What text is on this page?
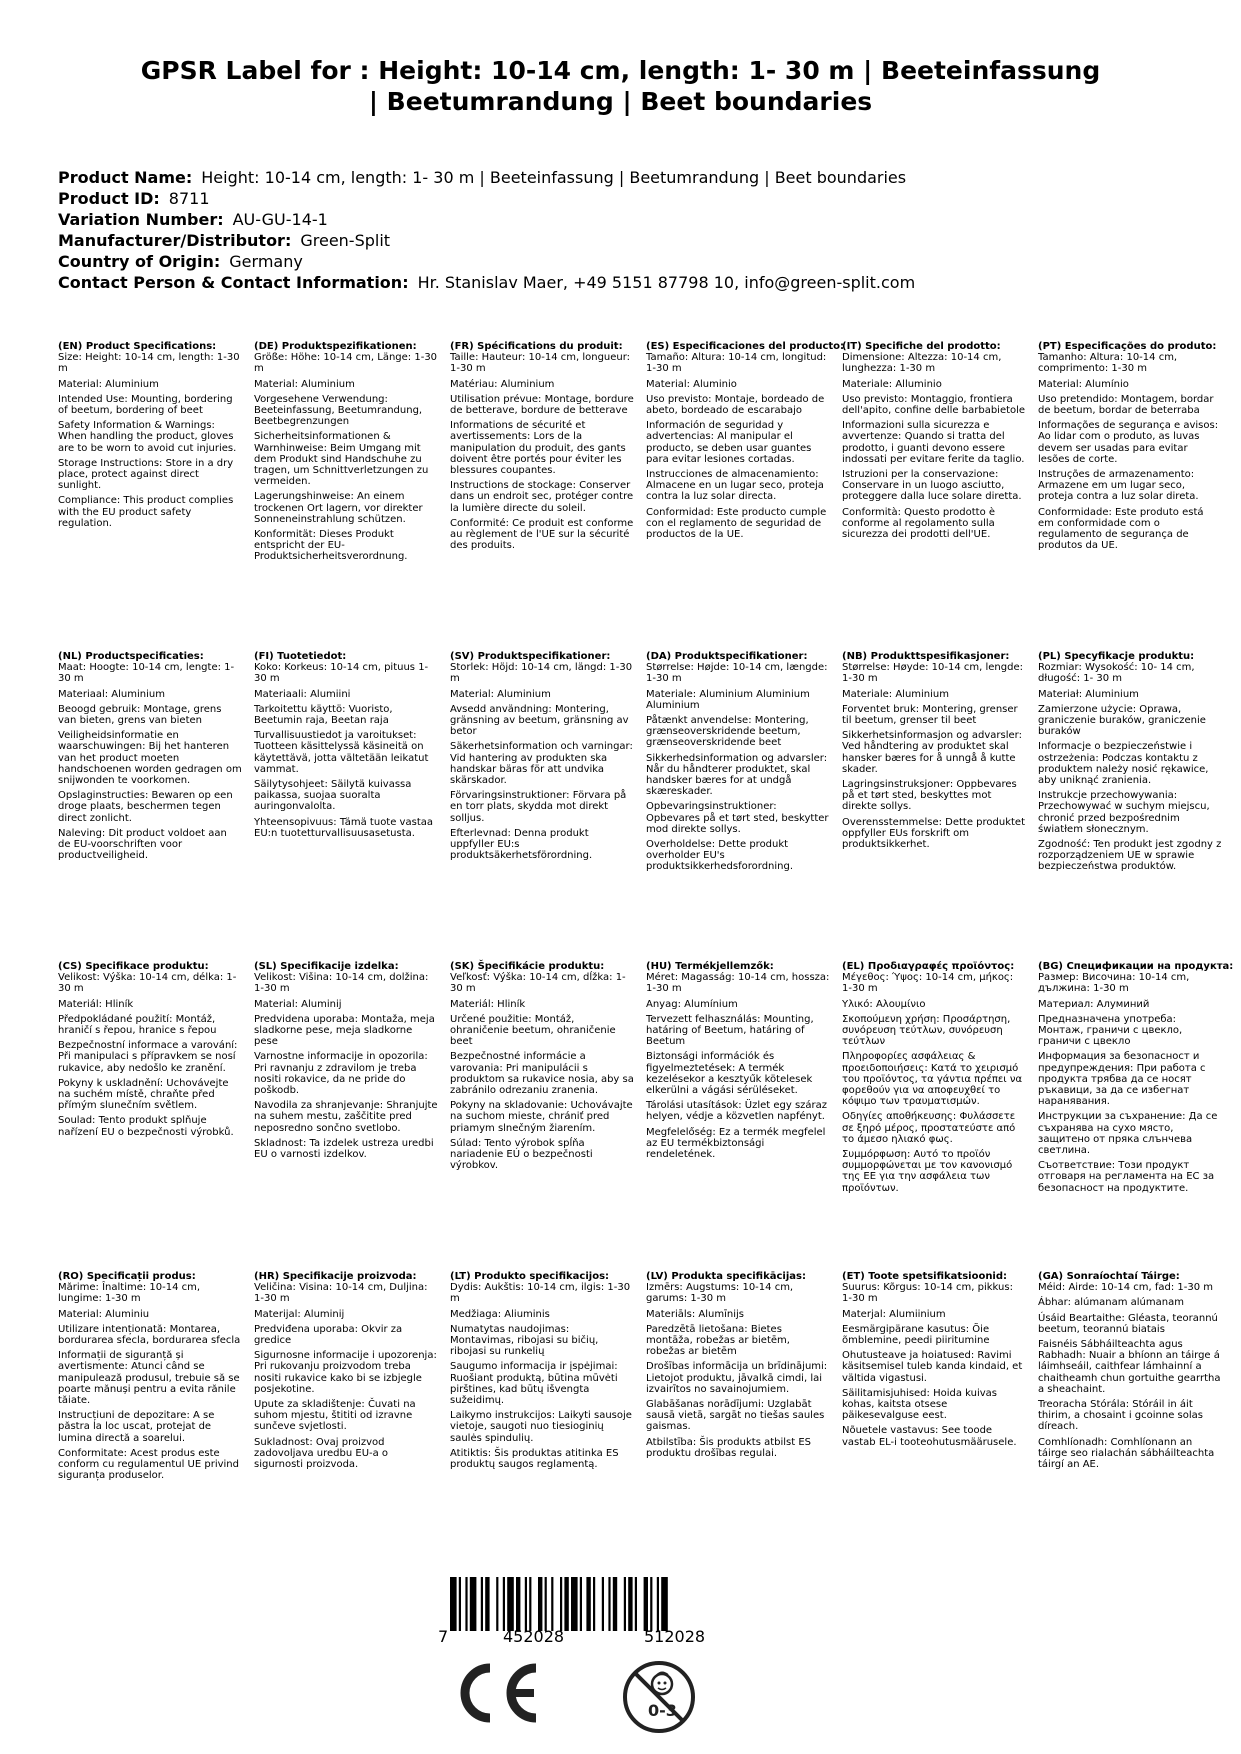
GPSR Label for : Height: 10-14 cm, length: 1- 30 m | Beeteinfassung
| Beetumrandung | Beet boundaries
Product Name: Height: 10-14 cm, length: 1- 30 m | Beeteinfassung | Beetumrandung | Beet boundaries
Product ID: 8711
Variation Number: AU-GU-14-1
Manufacturer/Distributor: Green-Split
Country of Origin: Germany
Contact Person & Contact Information: Hr. Stanislav Maer, +49 5151 87798 10, info@green-split.com
(EN) Product Specifications:
Size: Height: 10-14 cm, length: 1-30 m
Material: Aluminium
Intended Use: Mounting, bordering of beetum, bordering of beet
Safety Information & Warnings: When handling the product, gloves are to be worn to avoid cut injuries.
Storage Instructions: Store in a dry place, protect against direct sunlight.
Compliance: This product complies with the EU product safety regulation.
(DE) Produktspezifikationen:
Größe: Höhe: 10-14 cm, Länge: 1-30 m
Material: Aluminium
Vorgesehene Verwendung: Beeteinfassung, Beetumrandung, Beetbegrenzungen
Sicherheitsinformationen & Warnhinweise: Beim Umgang mit dem Produkt sind Handschuhe zu tragen, um Schnittverletzungen zu vermeiden.
Lagerungshinweise: An einem trockenen Ort lagern, vor direkter Sonneneinstrahlung schützen.
Konformität: Dieses Produkt entspricht der EU-Produktsicherheitsverordnung.
(FR) Spécifications du produit:
Taille: Hauteur: 10-14 cm, longueur: 1-30 m
Matériau: Aluminium
Utilisation prévue: Montage, bordure de betterave, bordure de betterave
Informations de sécurité et avertissements: Lors de la manipulation du produit, des gants doivent être portés pour éviter les blessures coupantes.
Instructions de stockage: Conserver dans un endroit sec, protéger contre la lumière directe du soleil.
Conformité: Ce produit est conforme au règlement de l'UE sur la sécurité des produits.
(ES) Especificaciones del producto:
Tamaño: Altura: 10-14 cm, longitud: 1-30 m
Material: Aluminio
Uso previsto: Montaje, bordeado de abeto, bordeado de escarabajo
Información de seguridad y advertencias: Al manipular el producto, se deben usar guantes para evitar lesiones cortadas.
Instrucciones de almacenamiento: Almacene en un lugar seco, proteja contra la luz solar directa.
Conformidad: Este producto cumple con el reglamento de seguridad de productos de la UE.
(IT) Specifiche del prodotto:
Dimensione: Altezza: 10-14 cm, lunghezza: 1-30 m
Materiale: Alluminio
Uso previsto: Montaggio, frontiera dell'apito, confine delle barbabietole
Informazioni sulla sicurezza e avvertenze: Quando si tratta del prodotto, i guanti devono essere indossati per evitare ferite da taglio.
Istruzioni per la conservazione: Conservare in un luogo asciutto, proteggere dalla luce solare diretta.
Conformità: Questo prodotto è conforme al regolamento sulla sicurezza dei prodotti dell'UE.
(PT) Especificações do produto:
Tamanho: Altura: 10-14 cm, comprimento: 1-30 m
Material: Alumínio
Uso pretendido: Montagem, bordar de beetum, bordar de beterraba
Informações de segurança e avisos: Ao lidar com o produto, as luvas devem ser usadas para evitar lesões de corte.
Instruções de armazenamento: Armazene em um lugar seco, proteja contra a luz solar direta.
Conformidade: Este produto está em conformidade com o regulamento de segurança de produtos da UE.
(NL) Productspecificaties:
Maat: Hoogte: 10-14 cm, lengte: 1-30 m
Materiaal: Aluminium
Beoogd gebruik: Montage, grens van bieten, grens van bieten
Veiligheidsinformatie en waarschuwingen: Bij het hanteren van het product moeten handschoenen worden gedragen om snijwonden te voorkomen.
Opslaginstructies: Bewaren op een droge plaats, beschermen tegen direct zonlicht.
Naleving: Dit product voldoet aan de EU-voorschriften voor productveiligheid.
(FI) Tuotetiedot:
Koko: Korkeus: 10-14 cm, pituus 1-30 m
Materiaali: Alumiini
Tarkoitettu käyttö: Vuoristo, Beetumin raja, Beetan raja
Turvallisuustiedot ja varoitukset: Tuotteen käsittelyssä käsineitä on käytettävä, jotta vältetään leikatut vammat.
Säilytysohjeet: Säilytä kuivassa paikassa, suojaa suoralta auringonvalolta.
Yhteensopivuus: Tämä tuote vastaa EU:n tuotetturvallisuusasetusta.
(SV) Produktspecifikationer:
Storlek: Höjd: 10-14 cm, längd: 1-30 m
Material: Aluminium
Avsedd användning: Montering, gränsning av beetum, gränsning av betor
Säkerhetsinformation och varningar: Vid hantering av produkten ska handskar bäras för att undvika skärskador.
Förvaringsinstruktioner: Förvara på en torr plats, skydda mot direkt solljus.
Efterlevnad: Denna produkt uppfyller EU:s produktsäkerhetsförordning.
(DA) Produktspecifikationer:
Størrelse: Højde: 10-14 cm, længde: 1-30 m
Materiale: Aluminium Aluminium Aluminium
Påtænkt anvendelse: Montering, grænseoverskridende beetum, grænseoverskridende beet
Sikkerhedsinformation og advarsler: Når du håndterer produktet, skal handsker bæres for at undgå skæreskader.
Opbevaringsinstruktioner: Opbevares på et tørt sted, beskytter mod direkte sollys.
Overholdelse: Dette produkt overholder EU's produktsikkerhedsforordning.
(NB) Produkttspesifikasjoner:
Størrelse: Høyde: 10-14 cm, lengde: 1-30 m
Materiale: Aluminium
Forventet bruk: Montering, grenser til beetum, grenser til beet
Sikkerhetsinformasjon og advarsler: Ved håndtering av produktet skal hansker bæres for å unngå å kutte skader.
Lagringsinstruksjoner: Oppbevares på et tørt sted, beskyttes mot direkte sollys.
Overensstemmelse: Dette produktet oppfyller EUs forskrift om produktsikkerhet.
(PL) Specyfikacje produktu:
Rozmiar: Wysokość: 10- 14 cm, długość: 1- 30 m
Materiał: Aluminium
Zamierzone użycie: Oprawa, graniczenie buraków, graniczenie buraków
Informacje o bezpieczeństwie i ostrzeżenia: Podczas kontaktu z produktem należy nosić rękawice, aby uniknąć zranienia.
Instrukcje przechowywania: Przechowywać w suchym miejscu, chronić przed bezpośrednim światłem słonecznym.
Zgodność: Ten produkt jest zgodny z rozporządzeniem UE w sprawie bezpieczeństwa produktów.
(CS) Specifikace produktu:
Velikost: Výška: 10-14 cm, délka: 1-30 m
Materiál: Hliník
Předpokládané použití: Montáž, hraničí s řepou, hranice s řepou
Bezpečnostní informace a varování: Při manipulaci s přípravkem se nosí rukavice, aby nedošlo ke zranění.
Pokyny k uskladnění: Uchovávejte na suchém místě, chraňte před přímým slunečním světlem.
Soulad: Tento produkt splňuje nařízení EU o bezpečnosti výrobků.
(SL) Specifikacije izdelka:
Velikost: Višina: 10-14 cm, dolžina: 1-30 m
Material: Aluminij
Predvidena uporaba: Montaža, meja sladkorne pese, meja sladkorne pese
Varnostne informacije in opozorila: Pri ravnanju z zdravilom je treba nositi rokavice, da ne pride do poškodb.
Navodila za shranjevanje: Shranjujte na suhem mestu, zaščitite pred neposredno sončno svetlobo.
Skladnost: Ta izdelek ustreza uredbi EU o varnosti izdelkov.
(SK) Špecifikácie produktu:
Veľkosť: Výška: 10-14 cm, dĺžka: 1-30 m
Materiál: Hliník
Určené použitie: Montáž, ohraničenie beetum, ohraničenie beet
Bezpečnostné informácie a varovania: Pri manipulácii s produktom sa rukavice nosia, aby sa zabránilo odrezaniu zranenia.
Pokyny na skladovanie: Uchovávajte na suchom mieste, chrániť pred priamym slnečným žiarením.
Súlad: Tento výrobok spĺňa nariadenie EÚ o bezpečnosti výrobkov.
(HU) Termékjellemzők:
Méret: Magasság: 10-14 cm, hossza: 1-30 m
Anyag: Alumínium
Tervezett felhasználás: Mounting, határing of Beetum, határing of Beetum
Biztonsági információk és figyelmeztetések: A termék kezelésekor a kesztyűk kötelesek elkerülni a vágási sérüléseket.
Tárolási utasítások: Üzlet egy száraz helyen, védje a közvetlen napfényt.
Megfelelőség: Ez a termék megfelel az EU termékbiztonsági rendeletének.
(EL) Προδιαγραφές προϊόντος:
Μέγεθος: Ύψος: 10-14 cm, μήκος: 1-30 m
Υλικό: Αλουμίνιο
Σκοπούμενη χρήση: Προσάρτηση, συνόρευση τεύτλων, συνόρευση τεύτλων
Πληροφορίες ασφάλειας & προειδοποιήσεις: Κατά το χειρισμό του προϊόντος, τα γάντια πρέπει να φορεθούν για να αποφευχθεί το κόψιμο των τραυματισμών.
Οδηγίες αποθήκευσης: Φυλάσσετε σε ξηρό μέρος, προστατεύστε από το άμεσο ηλιακό φως.
Συμμόρφωση: Αυτό το προϊόν συμμορφώνεται με τον κανονισμό της ΕΕ για την ασφάλεια των προϊόντων.
(BG) Спецификации на продукта:
Размер: Височина: 10-14 cm, дължина: 1-30 m
Материал: Алуминий
Предназначена употреба: Монтаж, граничи с цвекло, граничи с цвекло
Информация за безопасност и предупреждения: При работа с продукта трябва да се носят ръкавици, за да се избегнат наранявания.
Инструкции за съхранение: Да се съхранява на сухо място, защитено от пряка слънчева светлина.
Съответствие: Този продукт отговаря на регламента на ЕС за безопасност на продуктите.
(RO) Specificații produs:
Mărime: Înaltime: 10-14 cm, lungime: 1-30 m
Material: Aluminiu
Utilizare intenționată: Montarea, bordurarea sfecla, bordurarea sfecla
Informații de siguranță și avertismente: Atunci când se manipulează produsul, trebuie să se poarte mănuși pentru a evita rănile tăiate.
Instrucțiuni de depozitare: A se păstra la loc uscat, protejat de lumina directă a soarelui.
Conformitate: Acest produs este conform cu regulamentul UE privind siguranța produselor.
(HR) Specifikacije proizvoda:
Veličina: Visina: 10-14 cm, Duljina: 1-30 m
Materijal: Aluminij
Predviđena uporaba: Okvir za gredice
Sigurnosne informacije i upozorenja: Pri rukovanju proizvodom treba nositi rukavice kako bi se izbjegle posjekotine.
Upute za skladištenje: Čuvati na suhom mjestu, štititi od izravne sunčeve svjetlosti.
Sukladnost: Ovaj proizvod zadovoljava uredbu EU-a o sigurnosti proizvoda.
(LT) Produkto specifikacijos:
Dydis: Aukštis: 10-14 cm, ilgis: 1-30 m
Medžiaga: Aliuminis
Numatytas naudojimas: Montavimas, ribojasi su bičių, ribojasi su runkelių
Saugumo informacija ir įspėjimai: Ruošiant produktą, būtina mūvėti pirštines, kad būtų išvengta sužeidimų.
Laikymo instrukcijos: Laikyti sausoje vietoje, saugoti nuo tiesioginių saulės spindulių.
Atitiktis: Šis produktas atitinka ES produktų saugos reglamentą.
(LV) Produkta specifikācijas:
Izmērs: Augstums: 10-14 cm, garums: 1-30 m
Materiāls: Alumīnijs
Paredzētā lietošana: Bietes montāža, robežas ar bietēm, robežas ar bietēm
Drošības informācija un brīdinājumi: Lietojot produktu, jāvalkā cimdi, lai izvairītos no savainojumiem.
Glabāšanas norādījumi: Uzglabāt sausā vietā, sargāt no tiešas saules gaismas.
Atbilstība: Šis produkts atbilst ES produktu drošības regulai.
(ET) Toote spetsifikatsioonid:
Suurus: Kõrgus: 10-14 cm, pikkus: 1-30 m
Materjal: Alumiinium
Eesmärgipärane kasutus: Õie õmblemine, peedi piiritumine
Ohutusteave ja hoiatused: Ravimi käsitsemisel tuleb kanda kindaid, et vältida vigastusi.
Säilitamisjuhised: Hoida kuivas kohas, kaitsta otsese päikesevalguse eest.
Nõuetele vastavus: See toode vastab EL-i tooteohutusmäärusele.
(GA) Sonraíochtaí Táirge:
Méid: Airde: 10-14 cm, fad: 1-30 m
Ábhar: alúmanam alúmanam
Úsáid Beartaithe: Gléasta, teorannú beetum, teorannú biatais
Faisnéis Sábháilteachta agus Rabhadh: Nuair a bhíonn an táirge á láimhseáil, caithfear lámhainní a chaitheamh chun gortuithe gearrtha a sheachaint.
Treoracha Stórála: Stóráil in áit thirim, a chosaint i gcoinne solas díreach.
Comhlíonadh: Comhlíonann an táirge seo rialachán sábháilteachta táirgí an AE.
7	452028	512028
0-3
